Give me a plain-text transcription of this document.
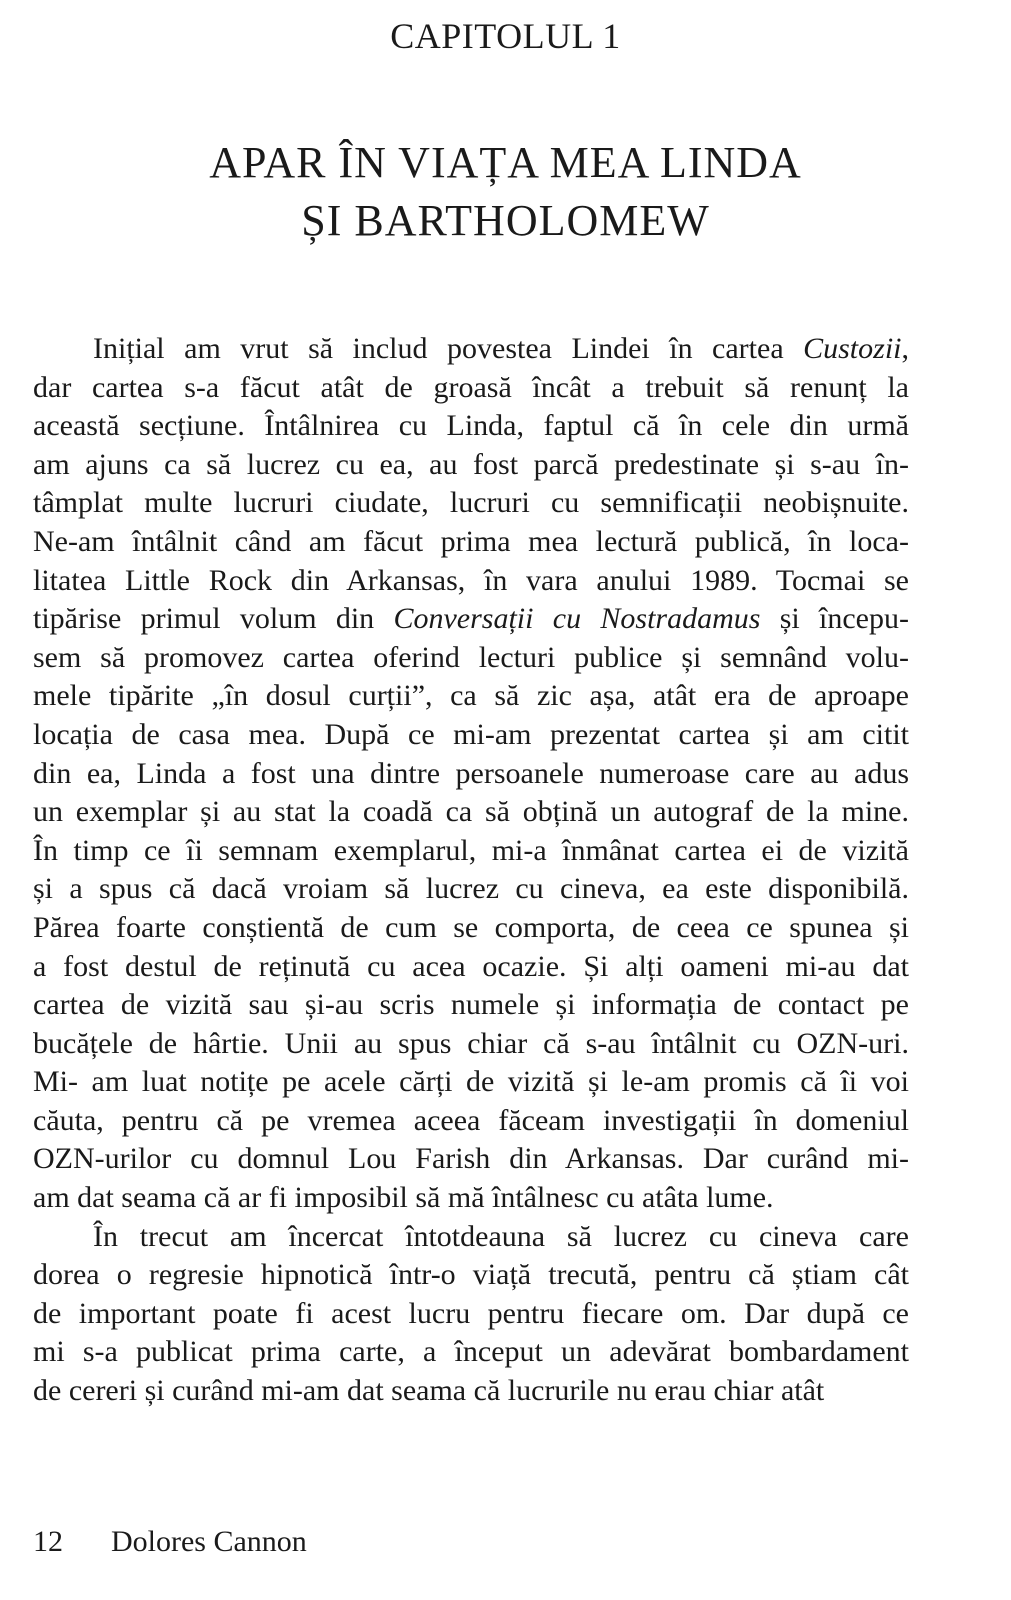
CAPITOLUL 1
APAR ÎN VIAȚA MEA LINDA
ȘI BARTHOLOMEW
Inițial am vrut să includ povestea Lindei în cartea Custozii,
dar cartea s-a făcut atât de groasă încât a trebuit să renunț la
această secțiune. Întâlnirea cu Linda, faptul că în cele din urmă
am ajuns ca să lucrez cu ea, au fost parcă predestinate și s-au în-
tâmplat multe lucruri ciudate, lucruri cu semnificații neobișnuite.
Ne-am întâlnit când am făcut prima mea lectură publică, în loca-
litatea Little Rock din Arkansas, în vara anului 1989. Tocmai se
tipărise primul volum din Conversații cu Nostradamus și începu-
sem să promovez cartea oferind lecturi publice și semnând volu-
mele tipărite „în dosul curții”, ca să zic așa, atât era de aproape
locația de casa mea. După ce mi-am prezentat cartea și am citit
din ea, Linda a fost una dintre persoanele numeroase care au adus
un exemplar și au stat la coadă ca să obțină un autograf de la mine.
În timp ce îi semnam exemplarul, mi-a înmânat cartea ei de vizită
și a spus că dacă vroiam să lucrez cu cineva, ea este disponibilă.
Părea foarte conștientă de cum se comporta, de ceea ce spunea și
a fost destul de reținută cu acea ocazie. Și alți oameni mi-au dat
cartea de vizită sau și-au scris numele și informația de contact pe
bucățele de hârtie. Unii au spus chiar că s-au întâlnit cu OZN-uri.
Mi- am luat notițe pe acele cărți de vizită și le-am promis că îi voi
căuta, pentru că pe vremea aceea făceam investigații în domeniul
OZN-urilor cu domnul Lou Farish din Arkansas. Dar curând mi-
am dat seama că ar fi imposibil să mă întâlnesc cu atâta lume.
În trecut am încercat întotdeauna să lucrez cu cineva care
dorea o regresie hipnotică într-o viață trecută, pentru că știam cât
de important poate fi acest lucru pentru fiecare om. Dar după ce
mi s-a publicat prima carte, a început un adevărat bombardament
de cereri și curând mi-am dat seama că lucrurile nu erau chiar atât
12 Dolores Cannon
